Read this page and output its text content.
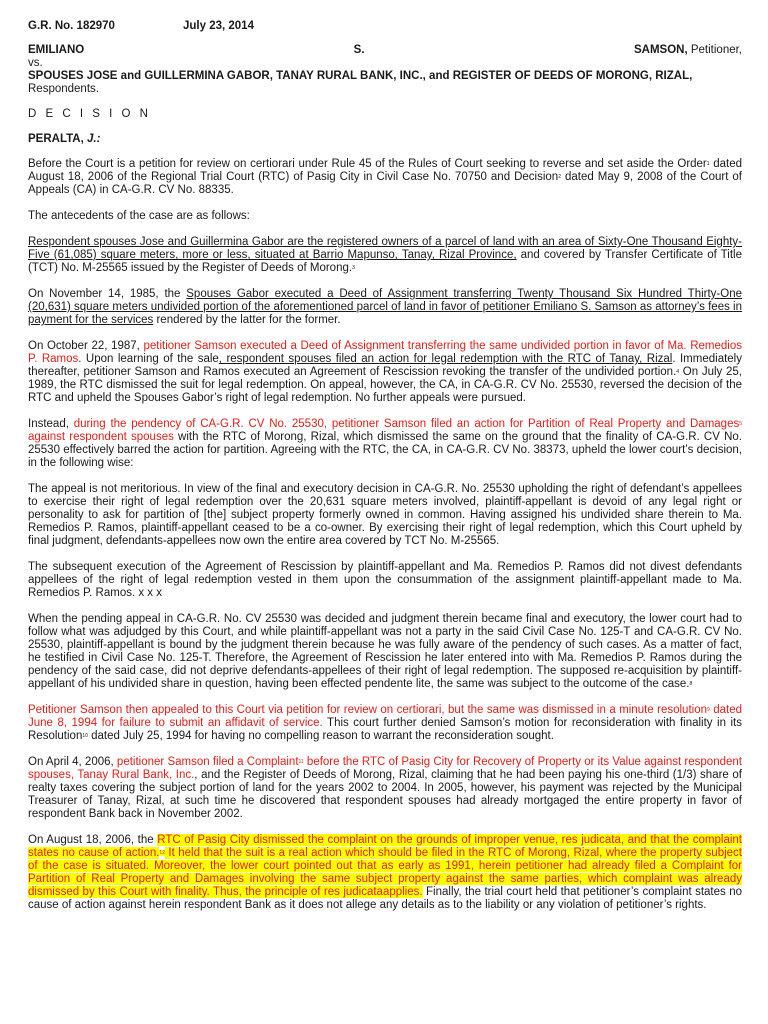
G.R. No. 182970	July 23, 2014
EMILIANO	S.	SAMSON, Petitioner,
vs.
SPOUSES JOSE and GUILLERMINA GABOR, TANAY RURAL BANK, INC., and REGISTER OF DEEDS OF MORONG, RIZAL, Respondents.
D E C I S I O N
PERALTA, J.:

Before the Court is a petition for review on certiorari under Rule 45 of the Rules of Court seeking to reverse and set aside the Order$^1$ dated August 18, 2006 of the Regional Trial Court (RTC) of Pasig City in Civil Case No. 70750 and Decision$^2$ dated May 9, 2008 of the Court of Appeals (CA) in CA-G.R. CV No. 88335.

The antecedents of the case are as follows:

Respondent spouses Jose and Guillermina Gabor are the registered owners of a parcel of land with an area of Sixty-One Thousand Eighty-Five (61,085) square meters, more or less, situated at Barrio Mapunso, Tanay, Rizal Province, and covered by Transfer Certificate of Title (TCT) No. M-25565 issued by the Register of Deeds of Morong.$^3$

On November 14, 1985, the Spouses Gabor executed a Deed of Assignment transferring Twenty Thousand Six Hundred Thirty-One (20,631) square meters undivided portion of the aforementioned parcel of land in favor of petitioner Emiliano S. Samson as attorney’s fees in payment for the services rendered by the latter for the former.

On October 22, 1987, petitioner Samson executed a Deed of Assignment transferring the same undivided portion in favor of Ma. Remedios P. Ramos. Upon learning of the sale, respondent spouses filed an action for legal redemption with the RTC of Tanay, Rizal. Immediately thereafter, petitioner Samson and Ramos executed an Agreement of Rescission revoking the transfer of the undivided portion.$^4$ On July 25, 1989, the RTC dismissed the suit for legal redemption. On appeal, however, the CA, in CA-G.R. CV No. 25530, reversed the decision of the RTC and upheld the Spouses Gabor’s right of legal redemption. No further appeals were pursued.

Instead, during the pendency of CA-G.R. CV No. 25530, petitioner Samson filed an action for Partition of Real Property and Damages$^5$ against respondent spouses with the RTC of Morong, Rizal, which dismissed the same on the ground that the finality of CA-G.R. CV No. 25530 effectively barred the action for partition. Agreeing with the RTC, the CA, in CA-G.R. CV No. 38373, upheld the lower court’s decision, in the following wise:

The appeal is not meritorious. In view of the final and executory decision in CA-G.R. No. 25530 upholding the right of defendant’s appellees to exercise their right of legal redemption over the 20,631 square meters involved, plaintiff-appellant is devoid of any legal right or personality to ask for partition of [the] subject property formerly owned in common. Having assigned his undivided share therein to Ma. Remedios P. Ramos, plaintiff-appellant ceased to be a co-owner. By exercising their right of legal redemption, which this Court upheld by final judgment, defendants-appellees now own the entire area covered by TCT No. M-25565.

The subsequent execution of the Agreement of Rescission by plaintiff-appellant and Ma. Remedios P. Ramos did not divest defendants appellees of the right of legal redemption vested in them upon the consummation of the assignment plaintiff-appellant made to Ma. Remedios P. Ramos. x x x

When the pending appeal in CA-G.R. No. CV 25530 was decided and judgment therein became final and executory, the lower court had to follow what was adjudged by this Court, and while plaintiff-appellant was not a party in the said Civil Case No. 125-T and CA-G.R. CV No. 25530, plaintiff-appellant is bound by the judgment therein because he was fully aware of the pendency of such cases. As a matter of fact, he testified in Civil Case No. 125-T. Therefore, the Agreement of Rescission he later entered into with Ma. Remedios P. Ramos during the pendency of the said case, did not deprive defendants-appellees of their right of legal redemption. The supposed re-acquisition by plaintiff-appellant of his undivided share in question, having been effected pendente lite, the same was subject to the outcome of the case.$^8$

Petitioner Samson then appealed to this Court via petition for review on certiorari, but the same was dismissed in a minute resolution$^9$ dated June 8, 1994 for failure to submit an affidavit of service. This court further denied Samson’s motion for reconsideration with finality in its Resolution$^{10}$ dated July 25, 1994 for having no compelling reason to warrant the reconsideration sought.

On April 4, 2006, petitioner Samson filed a Complaint$^{11}$ before the RTC of Pasig City for Recovery of Property or its Value against respondent spouses, Tanay Rural Bank, Inc., and the Register of Deeds of Morong, Rizal, claiming that he had been paying his one-third (1/3) share of realty taxes covering the subject portion of land for the years 2002 to 2004. In 2005, however, his payment was rejected by the Municipal Treasurer of Tanay, Rizal, at such time he discovered that respondent spouses had already mortgaged the entire property in favor of respondent Bank back in November 2002.

On August 18, 2006, the RTC of Pasig City dismissed the complaint on the grounds of improper venue, res judicata, and that the complaint states no cause of action.$^{12}$ It held that the suit is a real action which should be filed in the RTC of Morong, Rizal, where the property subject of the case is situated. Moreover, the lower court pointed out that as early as 1991, herein petitioner had already filed a Complaint for Partition of Real Property and Damages involving the same subject property against the same parties, which complaint was already dismissed by this Court with finality. Thus, the principle of res judicataapplies. Finally, the trial court held that petitioner’s complaint states no cause of action against herein respondent Bank as it does not allege any details as to the liability or any violation of petitioner’s rights.
